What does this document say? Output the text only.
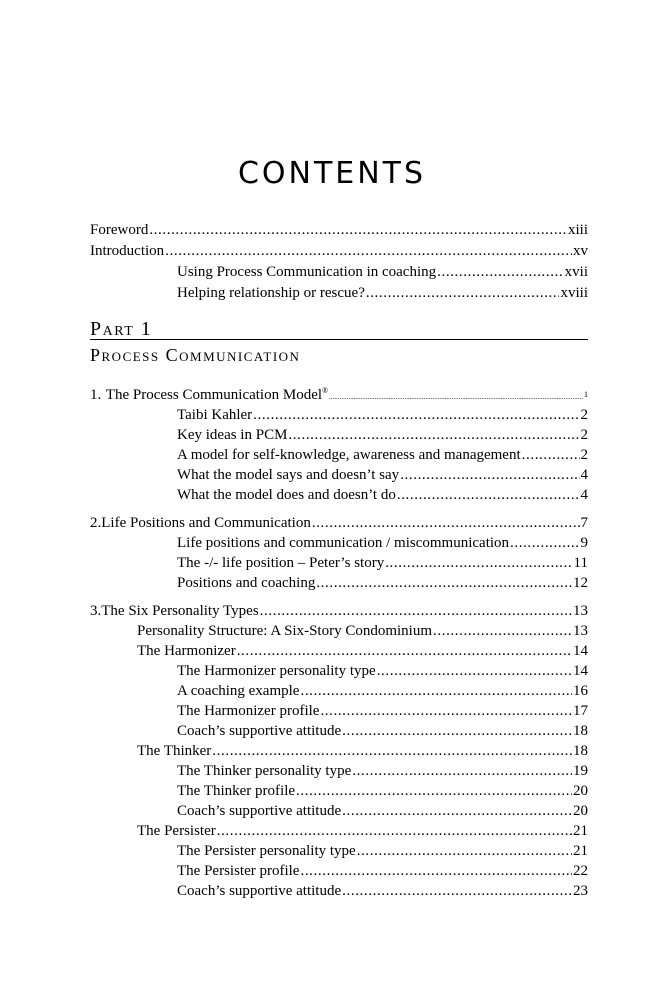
CONTENTS
Foreword .....	xiii
Introduction .....	xv
Using Process Communication in coaching .....	xvii
Helping relationship or rescue? .....	xviii
Part 1
Process Communication
1. The Process Communication Model® .....	1
Taibi Kahler .....	2
Key ideas in PCM .....	2
A model for self-knowledge, awareness and management .....	2
What the model says and doesn’t say .....	4
What the model does and doesn’t do .....	4
2. Life Positions and Communication .....	7
Life positions and communication / miscommunication .....	9
The -/- life position – Peter’s story .....	11
Positions and coaching .....	12
3. The Six Personality Types .....	13
Personality Structure: A Six-Story Condominium .....	13
The Harmonizer .....	14
The Harmonizer personality type .....	14
A coaching example .....	16
The Harmonizer profile .....	17
Coach’s supportive attitude .....	18
The Thinker .....	18
The Thinker personality type .....	19
The Thinker profile .....	20
Coach’s supportive attitude .....	20
The Persister .....	21
The Persister personality type .....	21
The Persister profile .....	22
Coach’s supportive attitude .....	23
